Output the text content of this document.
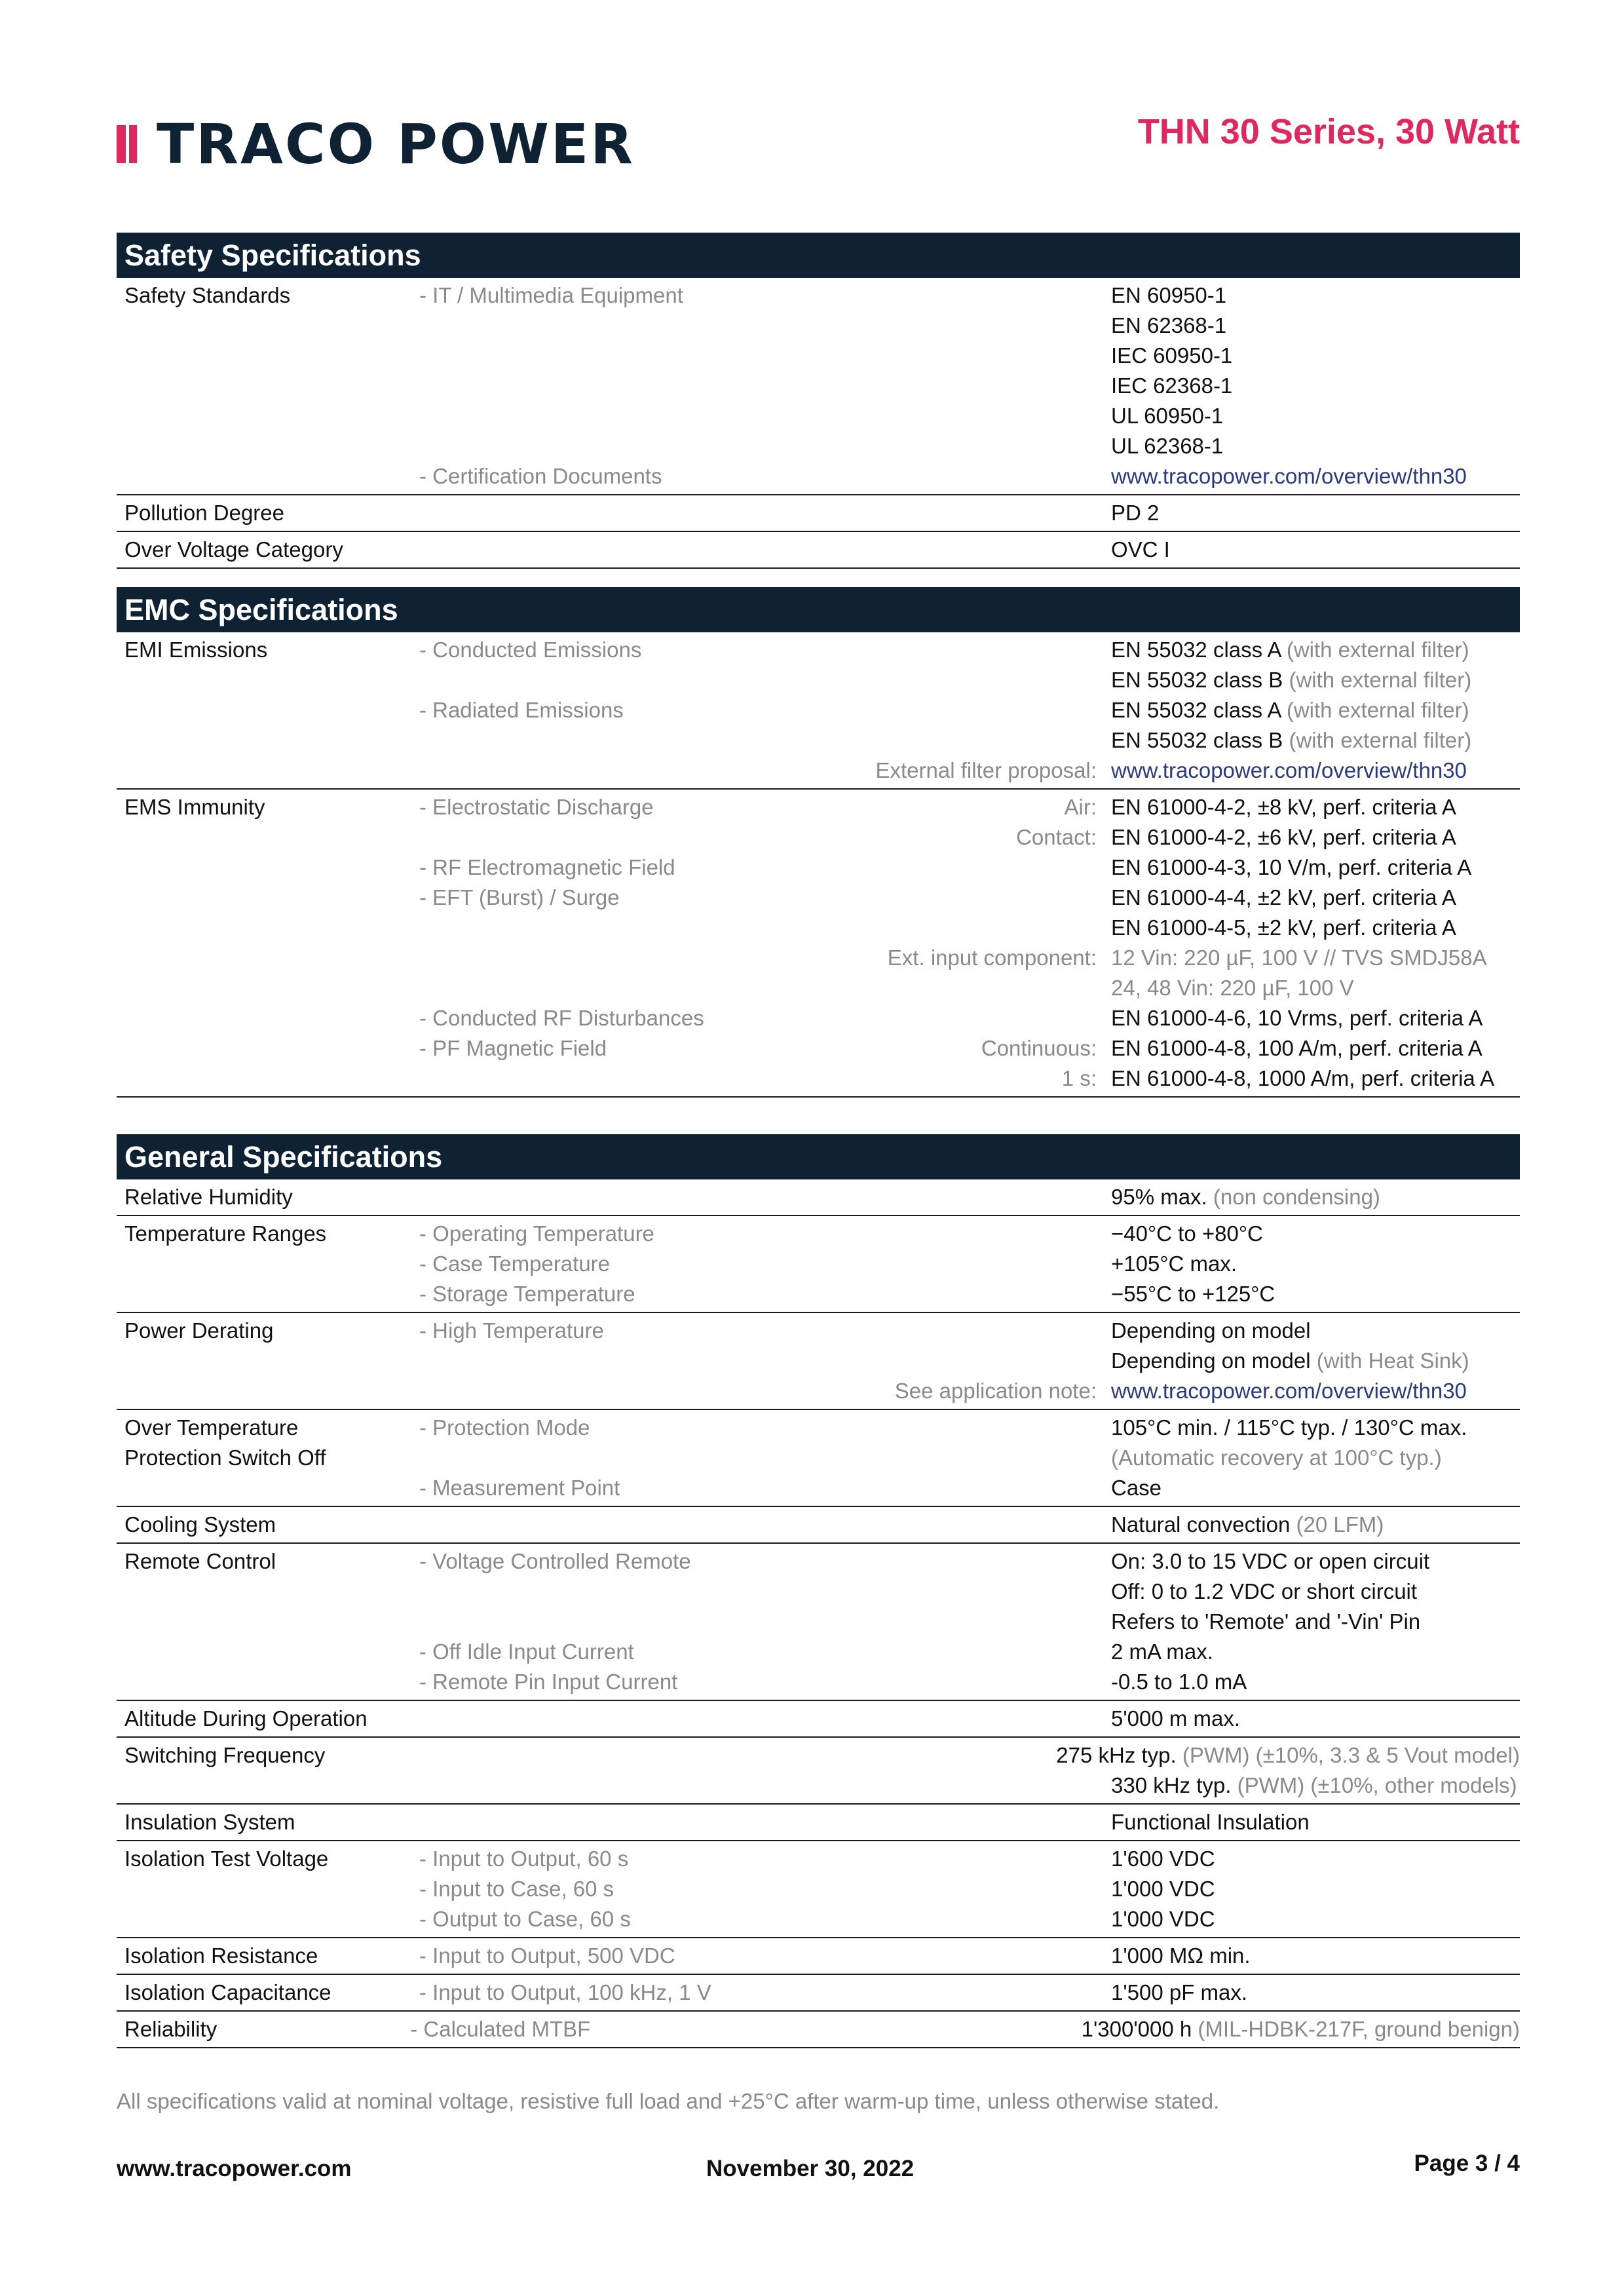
TRACO POWER	THN 30 Series, 30 Watt
Safety Specifications
Safety Standards	- IT / Multimedia Equipment	EN 60950-1
EN 62368-1
IEC 60950-1
IEC 62368-1
UL 60950-1
UL 62368-1
- Certification Documents	www.tracopower.com/overview/thn30
Pollution Degree	PD 2
Over Voltage Category	OVC I
EMC Specifications
EMI Emissions	- Conducted Emissions	EN 55032 class A (with external filter)
EN 55032 class B (with external filter)
- Radiated Emissions	EN 55032 class A (with external filter)
EN 55032 class B (with external filter)
External filter proposal: www.tracopower.com/overview/thn30
EMS Immunity	- Electrostatic Discharge	Air: EN 61000-4-2, ±8 kV, perf. criteria A
Contact: EN 61000-4-2, ±6 kV, perf. criteria A
- RF Electromagnetic Field	EN 61000-4-3, 10 V/m, perf. criteria A
- EFT (Burst) / Surge	EN 61000-4-4, ±2 kV, perf. criteria A
EN 61000-4-5, ±2 kV, perf. criteria A
Ext. input component: 12 Vin: 220 µF, 100 V // TVS SMDJ58A
24, 48 Vin: 220 µF, 100 V
- Conducted RF Disturbances	EN 61000-4-6, 10 Vrms, perf. criteria A
- PF Magnetic Field	Continuous: EN 61000-4-8, 100 A/m, perf. criteria A
1 s: EN 61000-4-8, 1000 A/m, perf. criteria A
General Specifications
Relative Humidity	95% max. (non condensing)
Temperature Ranges	- Operating Temperature	−40°C to +80°C
- Case Temperature	+105°C max.
- Storage Temperature	−55°C to +125°C
Power Derating	- High Temperature	Depending on model
Depending on model (with Heat Sink)
See application note: www.tracopower.com/overview/thn30
Over Temperature	- Protection Mode	105°C min. / 115°C typ. / 130°C max.
Protection Switch Off	(Automatic recovery at 100°C typ.)
- Measurement Point	Case
Cooling System	Natural convection (20 LFM)
Remote Control	- Voltage Controlled Remote	On: 3.0 to 15 VDC or open circuit
Off: 0 to 1.2 VDC or short circuit
Refers to 'Remote' and '-Vin' Pin
- Off Idle Input Current	2 mA max.
- Remote Pin Input Current	-0.5 to 1.0 mA
Altitude During Operation	5'000 m max.
Switching Frequency	275 kHz typ. (PWM) (±10%, 3.3 & 5 Vout model)
330 kHz typ. (PWM) (±10%, other models)
Insulation System	Functional Insulation
Isolation Test Voltage	- Input to Output, 60 s	1'600 VDC
- Input to Case, 60 s	1'000 VDC
- Output to Case, 60 s	1'000 VDC
Isolation Resistance	- Input to Output, 500 VDC	1'000 MΩ min.
Isolation Capacitance	- Input to Output, 100 kHz, 1 V	1'500 pF max.
Reliability	- Calculated MTBF	1'300'000 h (MIL-HDBK-217F, ground benign)
All specifications valid at nominal voltage, resistive full load and +25°C after warm-up time, unless otherwise stated.
www.tracopower.com	November 30, 2022	Page 3 / 4
